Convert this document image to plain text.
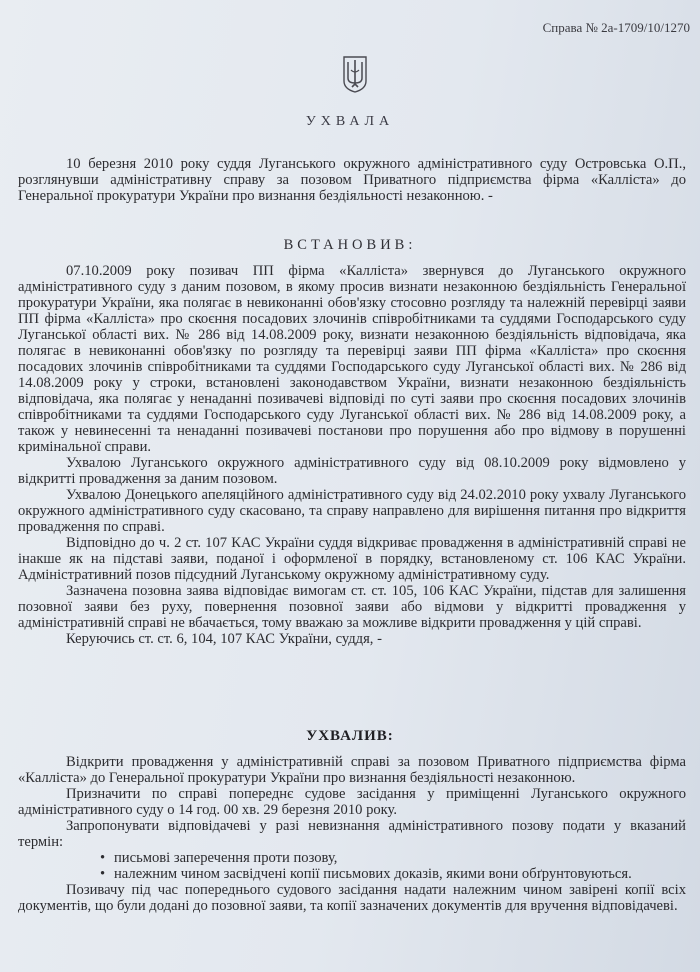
Справа № 2а-1709/10/1270
УХВАЛА

10 березня 2010 року суддя Луганського окружного адміністративного суду Островська О.П., розглянувши адміністративну справу за позовом Приватного підприємства фірма «Калліста» до Генеральної прокуратури України про визнання бездіяльності незаконною. -

ВСТАНОВИВ:

07.10.2009 року позивач ПП фірма «Калліста» звернувся до Луганського окружного адміністративного суду з даним позовом, в якому просив визнати незаконною бездіяльність Генеральної прокуратури України, яка полягає в невиконанні обов'язку стосовно розгляду та належній перевірці заяви ПП фірма «Калліста» про скоєння посадових злочинів співробітниками та суддями Господарського суду Луганської області вих. № 286 від 14.08.2009 року, визнати незаконною бездіяльність відповідача, яка полягає в невиконанні обов'язку по розгляду та перевірці заяви ПП фірма «Калліста» про скоєння посадових злочинів співробітниками та суддями Господарського суду Луганської області вих. № 286 від 14.08.2009 року у строки, встановлені законодавством України, визнати незаконною бездіяльність відповідача, яка полягає у ненаданні позивачеві відповіді по суті заяви про скоєння посадових злочинів співробітниками та суддями Господарського суду Луганської області вих. № 286 від 14.08.2009 року, а також у невинесенні та ненаданні позивачеві постанови про порушення або про відмову в порушенні кримінальної справи.

Ухвалою Луганського окружного адміністративного суду від 08.10.2009 року відмовлено у відкритті провадження за даним позовом.

Ухвалою Донецького апеляційного адміністративного суду від 24.02.2010 року ухвалу Луганського окружного адміністративного суду скасовано, та справу направлено для вирішення питання про відкриття провадження по справі.

Відповідно до ч. 2 ст. 107 КАС України суддя відкриває провадження в адміністративній справі не інакше як на підставі заяви, поданої і оформленої в порядку, встановленому ст. 106 КАС України. Адміністративний позов підсудний Луганському окружному адміністративному суду.

Зазначена позовна заява відповідає вимогам ст. ст. 105, 106 КАС України, підстав для залишення позовної заяви без руху, повернення позовної заяви або відмови у відкритті провадження у адміністративній справі не вбачається, тому вважаю за можливе відкрити провадження у цій справі.

Керуючись ст. ст. 6, 104, 107 КАС України, суддя, -

УХВАЛИВ:

Відкрити провадження у адміністративній справі за позовом Приватного підприємства фірма «Калліста» до Генеральної прокуратури України про визнання бездіяльності незаконною.

Призначити по справі попереднє судове засідання у приміщенні Луганського окружного адміністративного суду о 14 год. 00 хв. 29 березня 2010 року.

Запропонувати відповідачеві у разі невизнання адміністративного позову подати у вказаний термін:

• письмові заперечення проти позову,
• належним чином засвідчені копії письмових доказів, якими вони обґрунтовуються.

Позивачу під час попереднього судового засідання надати належним чином завірені копії всіх документів, що були додані до позовної заяви, та копії зазначених документів для вручення відповідачеві.
